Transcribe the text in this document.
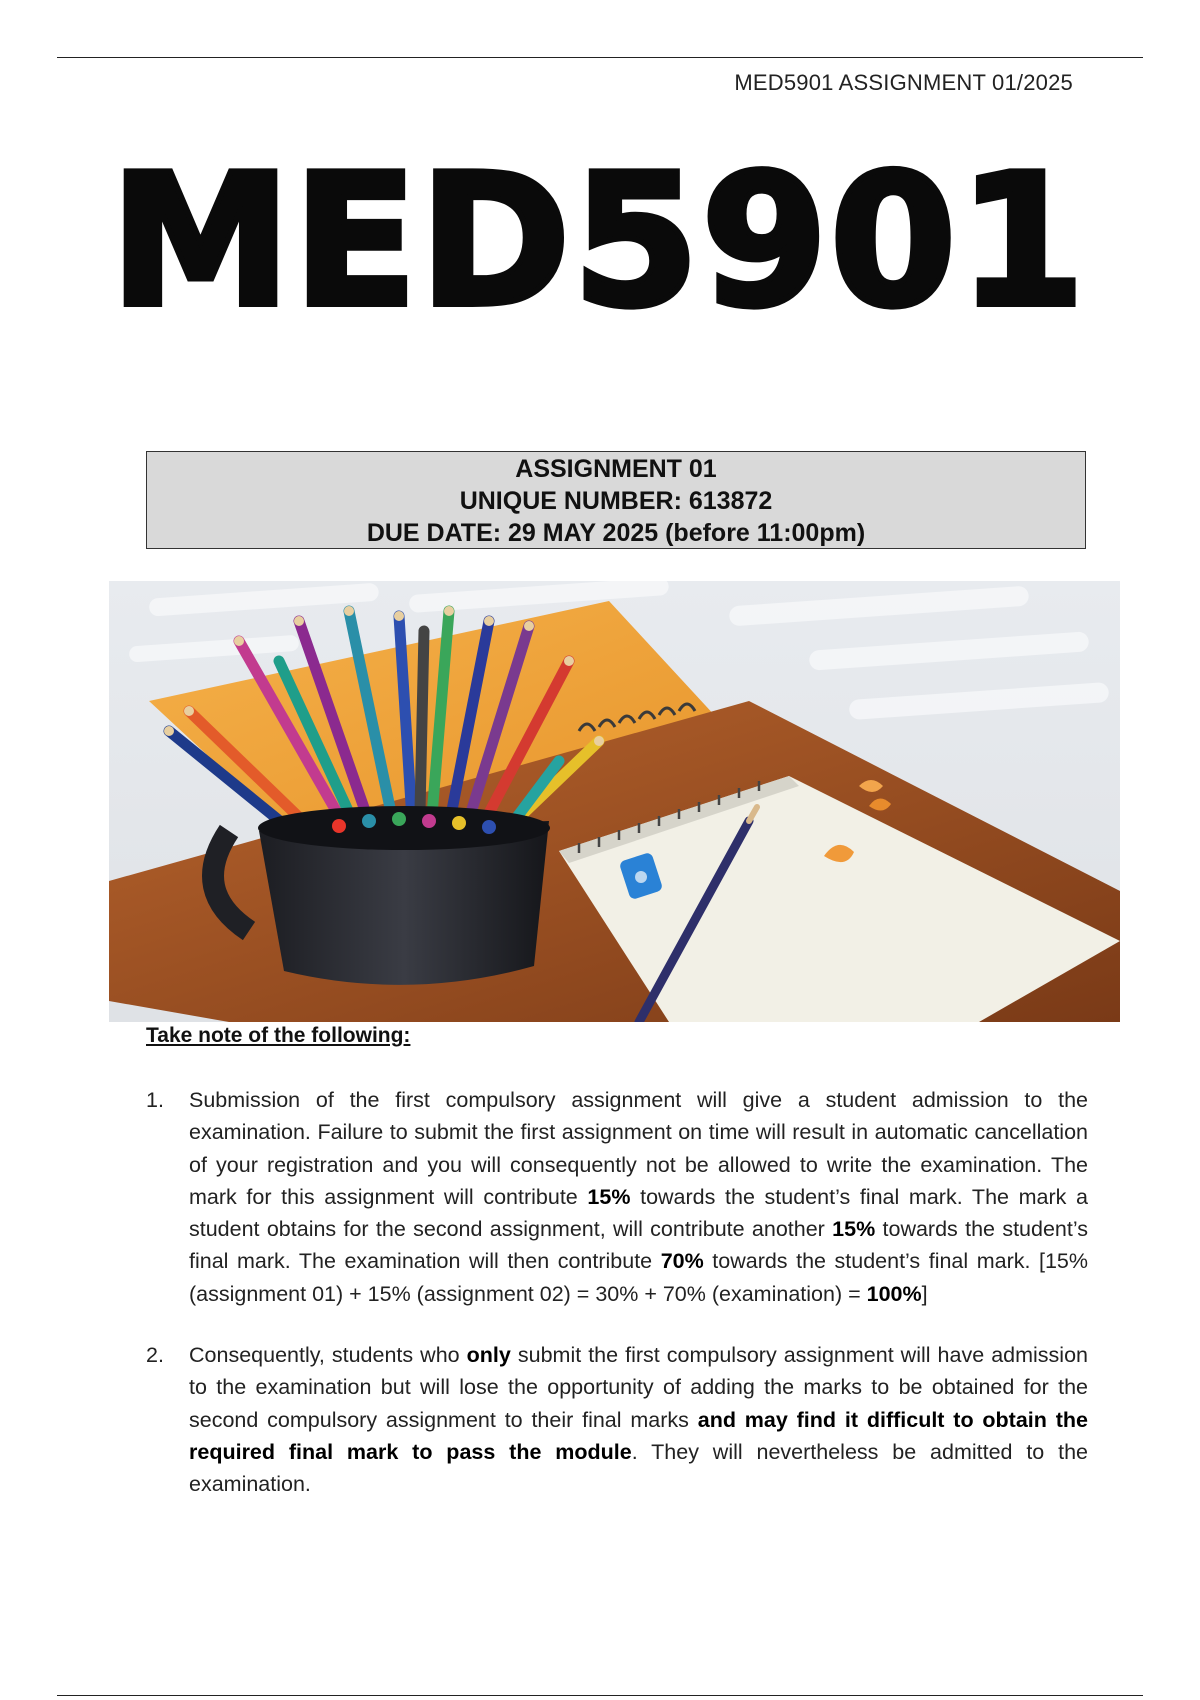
MED5901 ASSIGNMENT 01/2025
MED5901
ASSIGNMENT 01
UNIQUE NUMBER: 613872
DUE DATE: 29 MAY 2025 (before 11:00pm)
Take note of the following:
1.	Submission of the first compulsory assignment will give a student admission to the examination. Failure to submit the first assignment on time will result in automatic cancellation of your registration and you will consequently not be allowed to write the examination. The mark for this assignment will contribute 15% towards the student’s final mark. The mark a student obtains for the second assignment, will contribute another 15% towards the student’s final mark. The examination will then contribute 70% towards the student’s final mark. [15% (assignment 01) + 15% (assignment 02) = 30% + 70% (examination) = 100%]
2.	Consequently, students who only submit the first compulsory assignment will have admission to the examination but will lose the opportunity of adding the marks to be obtained for the second compulsory assignment to their final marks and may find it difficult to obtain the required final mark to pass the module. They will nevertheless be admitted to the examination.
